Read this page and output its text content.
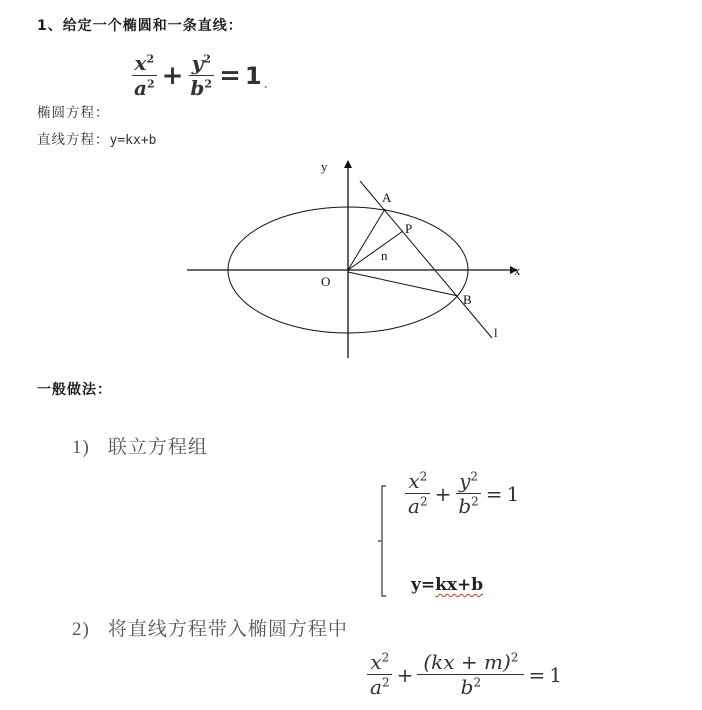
1、给定一个椭圆和一条直线：
$\frac{x^2}{a^2} + \frac{y^2}{b^2} = 1$ .
椭圆方程：
直线方程： y=kx+b
y
x
O
A
P
n
B
l
一般做法：
1) 联立方程组
$\frac{x^2}{a^2} + \frac{y^2}{b^2} = 1$
y=kx+b
2) 将直线方程带入椭圆方程中
$\frac{x^2}{a^2} + \frac{(kx + m)^2}{b^2} = 1$
